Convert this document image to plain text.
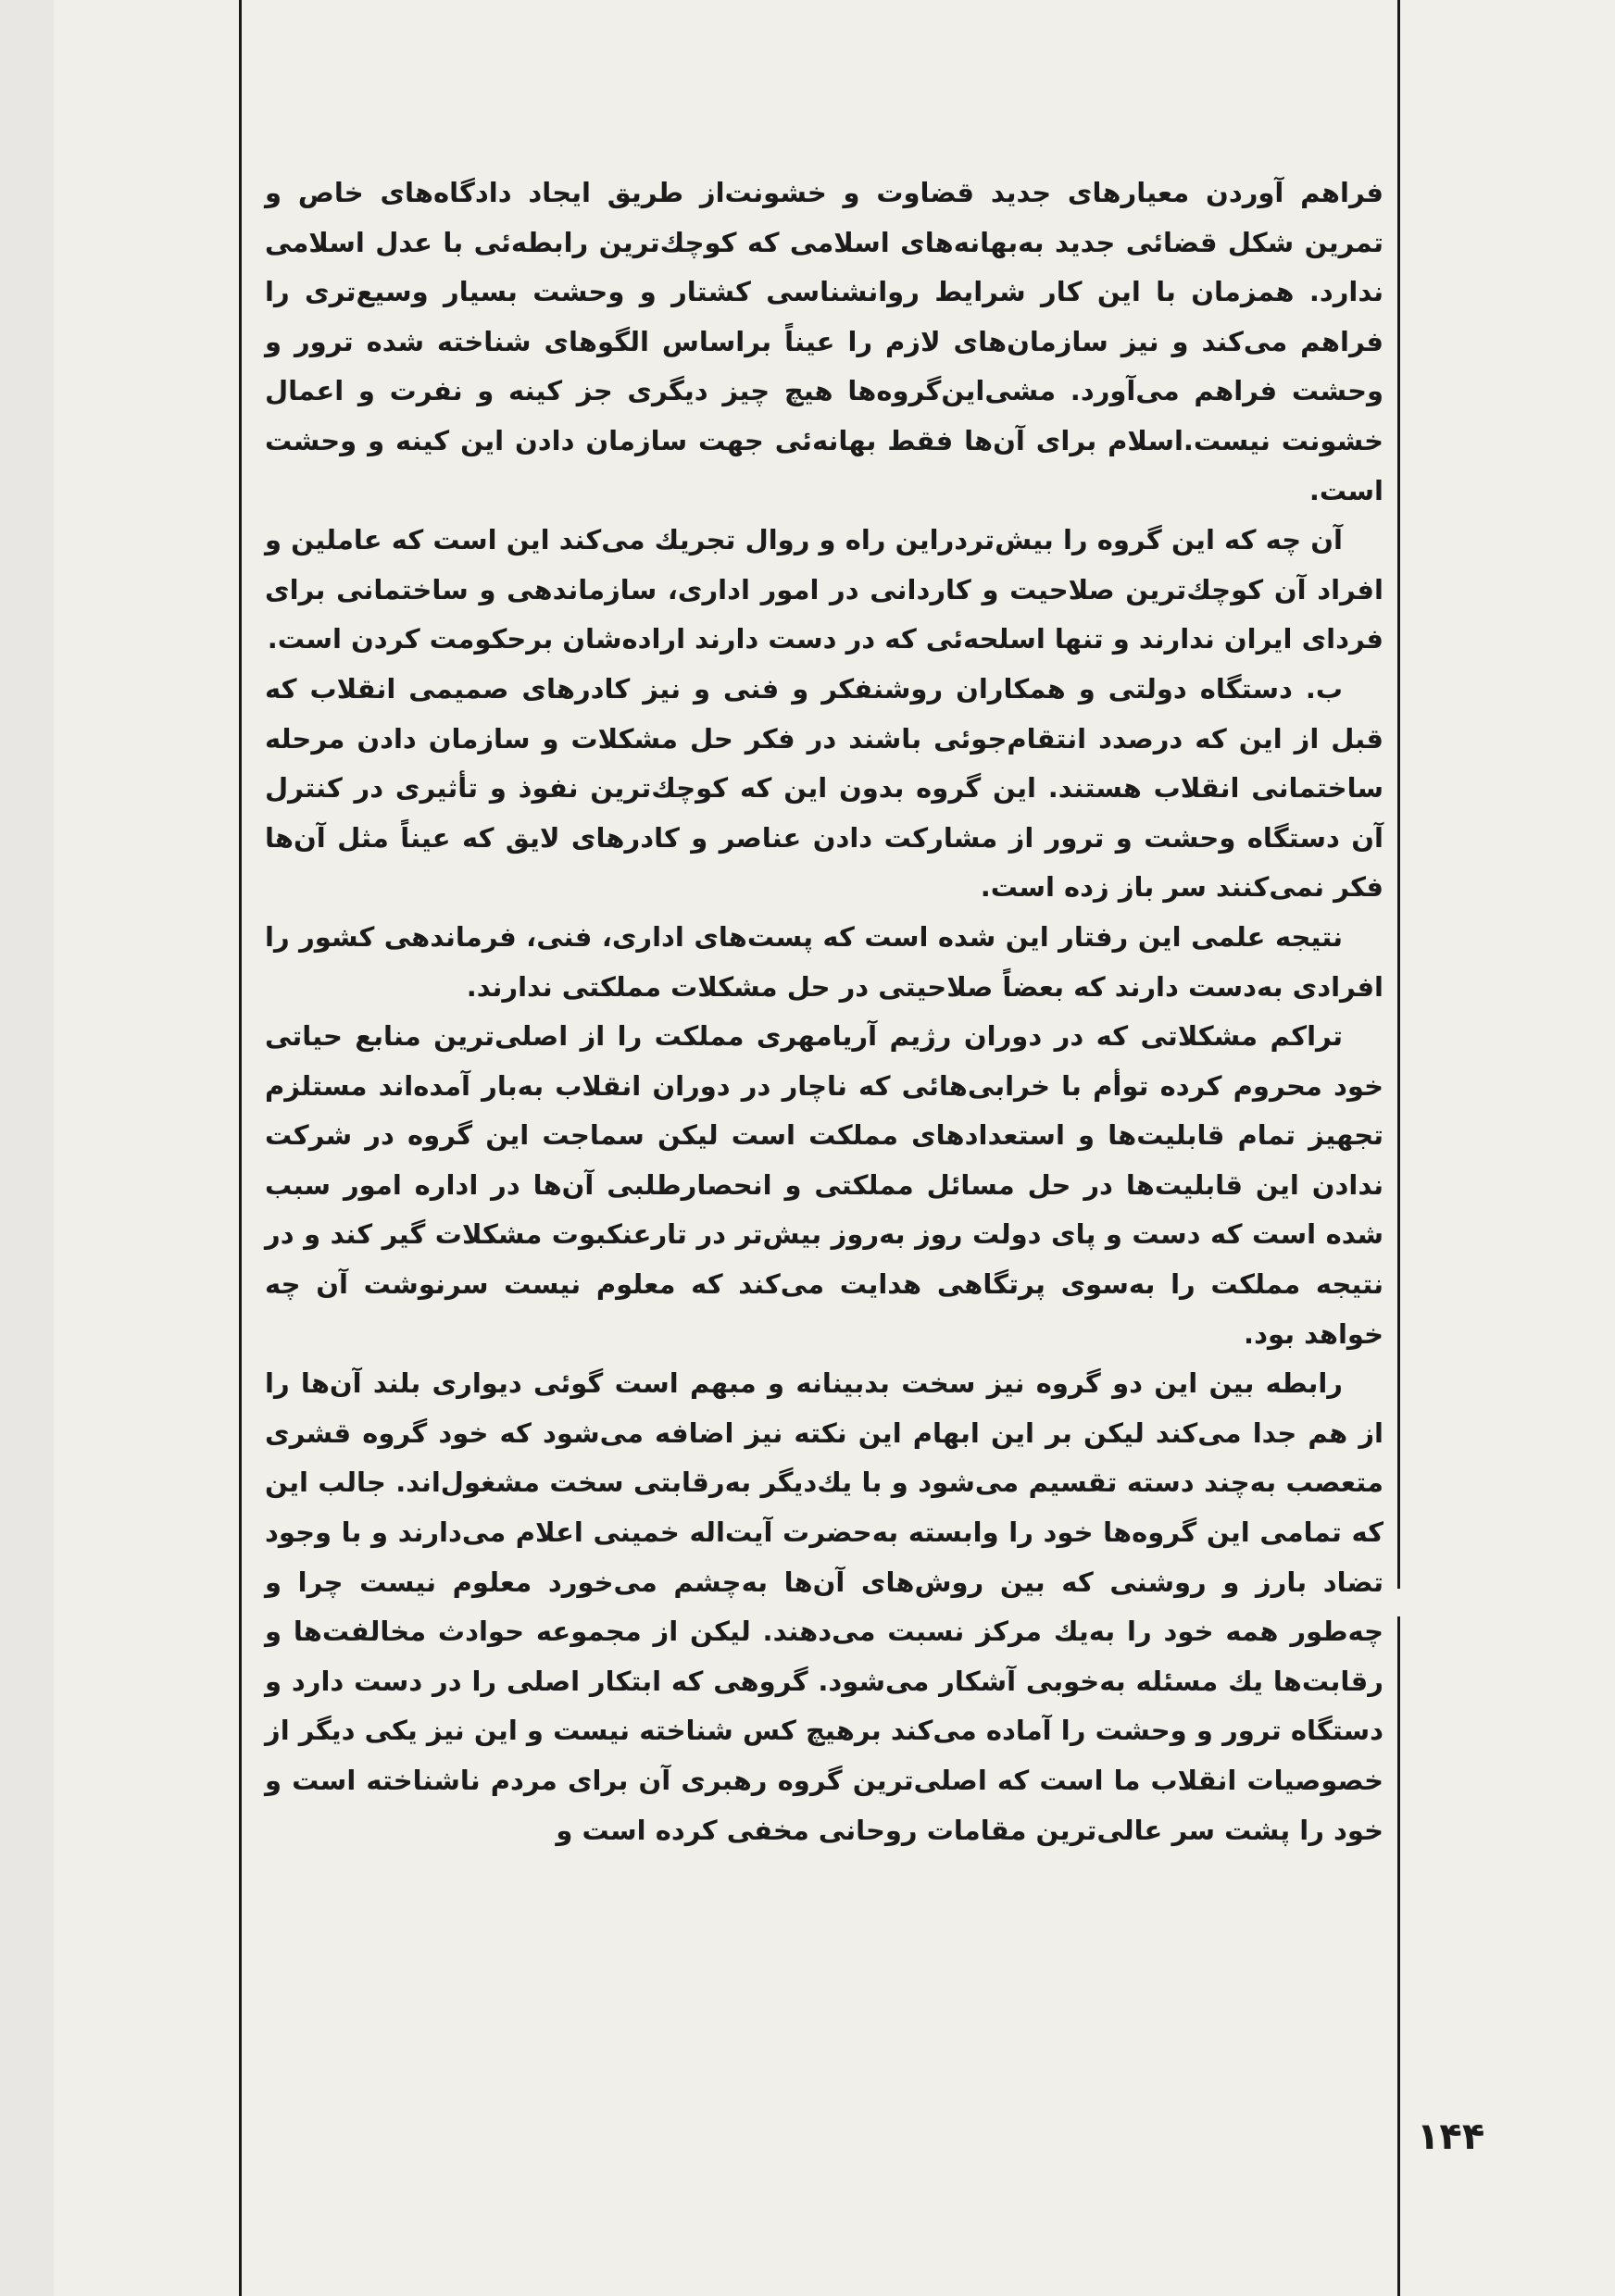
فراهم آوردن معیارهای جدید قضاوت و خشونت‌از طریق ایجاد دادگاه‌های خاص و تمرین شکل قضائی جدید به‌بهانه‌های اسلامی که کوچك‌ترین رابطه‌ئی با عدل اسلامی ندارد. همزمان با این کار شرایط روانشناسی کشتار و وحشت بسیار وسیع‌تری را فراهم می‌کند و نیز سازمان‌های لازم را عیناً براساس الگوهای شناخته شده ترور و وحشت فراهم می‌آورد. مشی‌این‌گروه‌ها هیچ چیز دیگری جز کینه و نفرت و اعمال خشونت نیست.اسلام برای آن‌ها فقط بهانه‌ئی جهت سازمان دادن این کینه و وحشت است.

آن چه که این گروه را بیش‌تردراین راه و روال تجریك می‌کند این است که عاملین و افراد آن کوچك‌ترین صلاحیت و کاردانی در امور اداری، سازماندهی و ساختمانی برای فردای ایران ندارند و تنها اسلحه‌ئی که در دست دارند اراده‌شان برحکومت کردن است.

ب. دستگاه دولتی و همکاران روشنفکر و فنی و نیز کادرهای صمیمی انقلاب که قبل از این که درصدد انتقام‌جوئی باشند در فکر حل مشکلات و سازمان دادن مرحله ساختمانی انقلاب هستند. این گروه بدون این که کوچك‌ترین نفوذ و تأثیری در کنترل آن دستگاه وحشت و ترور از مشارکت دادن عناصر و کادرهای لایق که عیناً مثل آن‌ها فکر نمی‌کنند سر باز زده است.

نتیجه علمی این رفتار این شده است که پست‌های اداری، فنی، فرماندهی کشور را افرادی به‌دست دارند که بعضاً صلاحیتی در حل مشکلات مملکتی ندارند.

تراکم مشکلاتی که در دوران رژیم آریامهری مملکت را از اصلی‌ترین منابع حیاتی خود محروم کرده توأم با خرابی‌هائی که ناچار در دوران انقلاب به‌بار آمده‌اند مستلزم تجهیز تمام قابلیت‌ها و استعدادهای مملکت است لیکن سماجت این گروه در شرکت ندادن این قابلیت‌ها در حل مسائل مملکتی و انحصارطلبی آن‌ها در اداره امور سبب شده است که دست و پای دولت روز به‌روز بیش‌تر در تارعنکبوت مشکلات گیر کند و در نتیجه مملکت را به‌سوی پرتگاهی هدایت می‌کند که معلوم نیست سرنوشت آن چه خواهد بود.

رابطه بین این دو گروه نیز سخت بدبینانه و مبهم است گوئی دیواری بلند آن‌ها را از هم جدا می‌کند لیکن بر این ابهام این نکته نیز اضافه می‌شود که خود گروه قشری متعصب به‌چند دسته تقسیم می‌شود و با یك‌دیگر به‌رقابتی سخت مشغول‌اند. جالب این که تمامی این گروه‌ها خود را وابسته به‌حضرت آیت‌اله خمینی اعلام می‌دارند و با وجود تضاد بارز و روشنی که بین روش‌های آن‌ها به‌چشم می‌خورد معلوم نیست چرا و چه‌طور همه خود را به‌یك مرکز نسبت می‌دهند. لیکن از مجموعه حوادث مخالفت‌ها و رقابت‌ها یك مسئله به‌خوبی آشکار می‌شود. گروهی که ابتکار اصلی را در دست دارد و دستگاه ترور و وحشت را آماده می‌کند برهیچ کس شناخته نیست و این نیز یکی دیگر از خصوصیات انقلاب ما است که اصلی‌ترین گروه رهبری آن برای مردم ناشناخته است و خود را پشت سر عالی‌ترین مقامات روحانی مخفی کرده است و

۱۴۴
